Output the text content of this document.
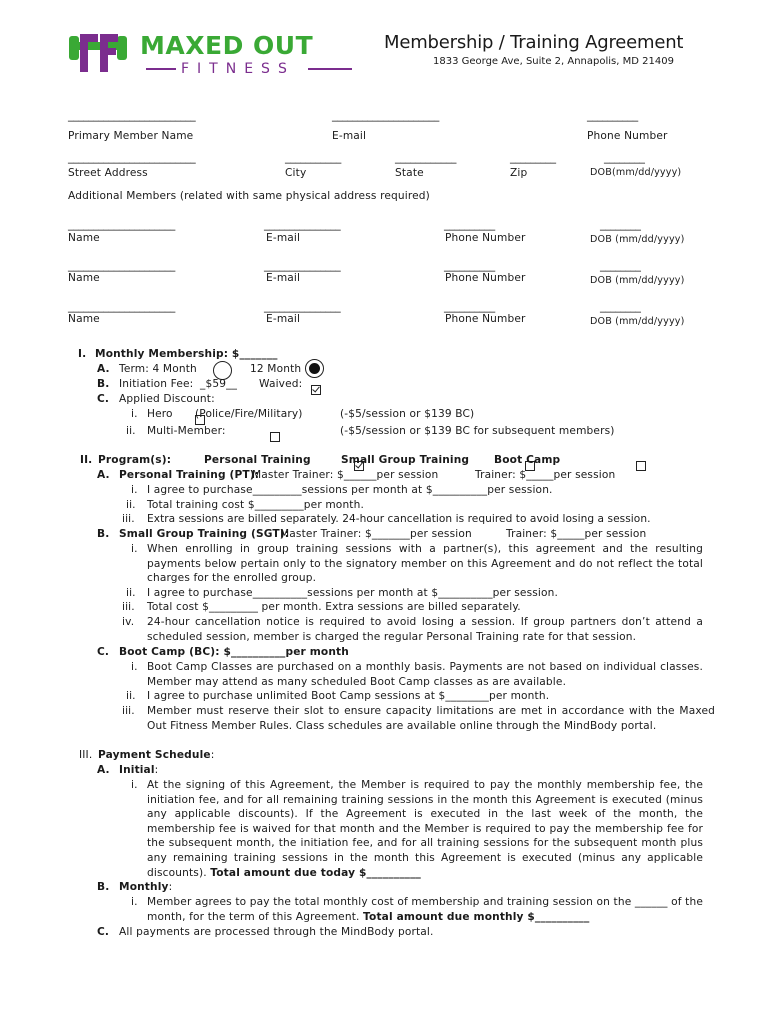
MAXED OUT
FITNESS
Membership / Training Agreement
1833 George Ave, Suite 2, Annapolis, MD 21409
_________________________	_____________________	__________
Primary Member Name	E-mail	Phone Number
_________________________	___________	____________	_________	________
Street Address	City	State	Zip	DOB(mm/dd/yyyy)
Additional Members (related with same physical address required)
_____________________	_______________	__________	________
Name	E-mail	Phone Number	DOB (mm/dd/yyyy)
_____________________	_______________	__________	________
Name	E-mail	Phone Number	DOB (mm/dd/yyyy)
_____________________	_______________	__________	________
Name	E-mail	Phone Number	DOB (mm/dd/yyyy)
I. Monthly Membership: $_______
A. Term: 4 Month	12 Month
B. Initiation Fee: _$59__ Waived:

C. Applied Discount:
i. Hero
(Police/Fire/Military)	(-$5/session or $139 BC)
ii. Multi-Member:
	(-$5/session or $139 BC for subsequent members)
II. Program(s):	Personal Training
	Small Group Training
Boot Camp
A. Personal Training (PT):
Master Trainer: $______per session	Trainer: $_____per session
i. I agree to purchase_________sessions per month at $__________per session.
ii. Total training cost $_________per month.
iii. Extra sessions are billed separately. 24-hour cancellation is required to avoid losing a session.
B. Small Group Training (SGT):
Master Trainer: $_______per session	Trainer: $_____per session
i. When enrolling in group training sessions with a partner(s), this agreement and the resulting payments below pertain only to the signatory member on this Agreement and do not reflect the total charges for the enrolled group.
ii. I agree to purchase__________sessions per month at $__________per session.
iii. Total cost $_________ per month. Extra sessions are billed separately.
iv. 24-hour cancellation notice is required to avoid losing a session. If group partners don’t attend a scheduled session, member is charged the regular Personal Training rate for that session.
C. Boot Camp (BC): $__________per month
i. Boot Camp Classes are purchased on a monthly basis. Payments are not based on individual classes. Member may attend as many scheduled Boot Camp classes as are available.
ii. I agree to purchase unlimited Boot Camp sessions at $________per month.
iii. Member must reserve their slot to ensure capacity limitations are met in accordance with the Maxed Out Fitness Member Rules. Class schedules are available online through the MindBody portal.
III. Payment Schedule:
A. Initial:
i. At the signing of this Agreement, the Member is required to pay the monthly membership fee, the initiation fee, and for all remaining training sessions in the month this Agreement is executed (minus any applicable discounts). If the Agreement is executed in the last week of the month, the membership fee is waived for that month and the Member is required to pay the membership fee for the subsequent month, the initiation fee, and for all training sessions for the subsequent month plus any remaining training sessions in the month this Agreement is executed (minus any applicable discounts). Total amount due today $__________
B. Monthly:
i. Member agrees to pay the total monthly cost of membership and training session on the ______ of the month, for the term of this Agreement. Total amount due monthly $__________
C. All payments are processed through the MindBody portal.
